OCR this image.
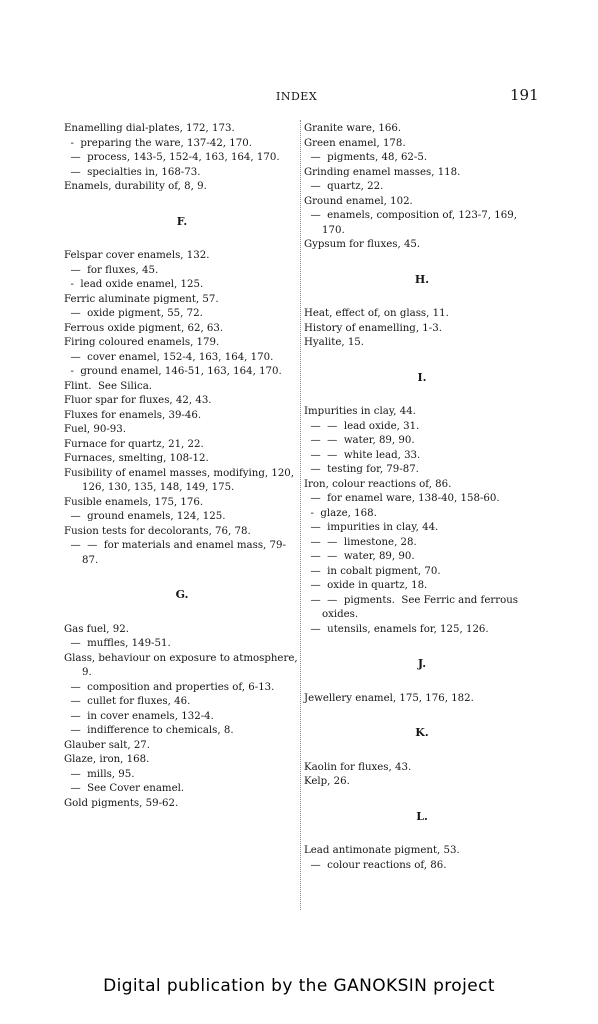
INDEX	191
Enamelling dial-plates, 172, 173.
-  preparing the ware, 137-42, 170.
—  process, 143-5, 152-4, 163, 164, 170.
—  specialties in, 168-73.
Enamels, durability of, 8, 9.
F.
Felspar cover enamels, 132.
—  for fluxes, 45.
-  lead oxide enamel, 125.
Ferric aluminate pigment, 57.
—  oxide pigment, 55, 72.
Ferrous oxide pigment, 62, 63.
Firing coloured enamels, 179.
—  cover enamel, 152-4, 163, 164, 170.
-  ground enamel, 146-51, 163, 164, 170.
Flint.  See Silica.
Fluor spar for fluxes, 42, 43.
Fluxes for enamels, 39-46.
Fuel, 90-93.
Furnace for quartz, 21, 22.
Furnaces, smelting, 108-12.
Fusibility of enamel masses, modifying, 120, 126, 130, 135, 148, 149, 175.
Fusible enamels, 175, 176.
—  ground enamels, 124, 125.
Fusion tests for decolorants, 76, 78.
—  —  for materials and enamel mass, 79-87.
G.
Gas fuel, 92.
—  muffles, 149-51.
Glass, behaviour on exposure to atmosphere, 9.
—  composition and properties of, 6-13.
—  cullet for fluxes, 46.
—  in cover enamels, 132-4.
—  indifference to chemicals, 8.
Glauber salt, 27.
Glaze, iron, 168.
—  mills, 95.
—  See Cover enamel.
Gold pigments, 59-62.
Granite ware, 166.
Green enamel, 178.
—  pigments, 48, 62-5.
Grinding enamel masses, 118.
—  quartz, 22.
Ground enamel, 102.
—  enamels, composition of, 123-7, 169, 170.
Gypsum for fluxes, 45.
H.
Heat, effect of, on glass, 11.
History of enamelling, 1-3.
Hyalite, 15.
I.
Impurities in clay, 44.
—  —  lead oxide, 31.
—  —  water, 89, 90.
—  —  white lead, 33.
—  testing for, 79-87.
Iron, colour reactions of, 86.
—  for enamel ware, 138-40, 158-60.
-  glaze, 168.
—  impurities in clay, 44.
—  —  limestone, 28.
—  —  water, 89, 90.
—  in cobalt pigment, 70.
—  oxide in quartz, 18.
—  —  pigments.  See Ferric and ferrous oxides.
—  utensils, enamels for, 125, 126.
J.
Jewellery enamel, 175, 176, 182.
K.
Kaolin for fluxes, 43.
Kelp, 26.
L.
Lead antimonate pigment, 53.
—  colour reactions of, 86.
Digital publication by the GANOKSIN project
